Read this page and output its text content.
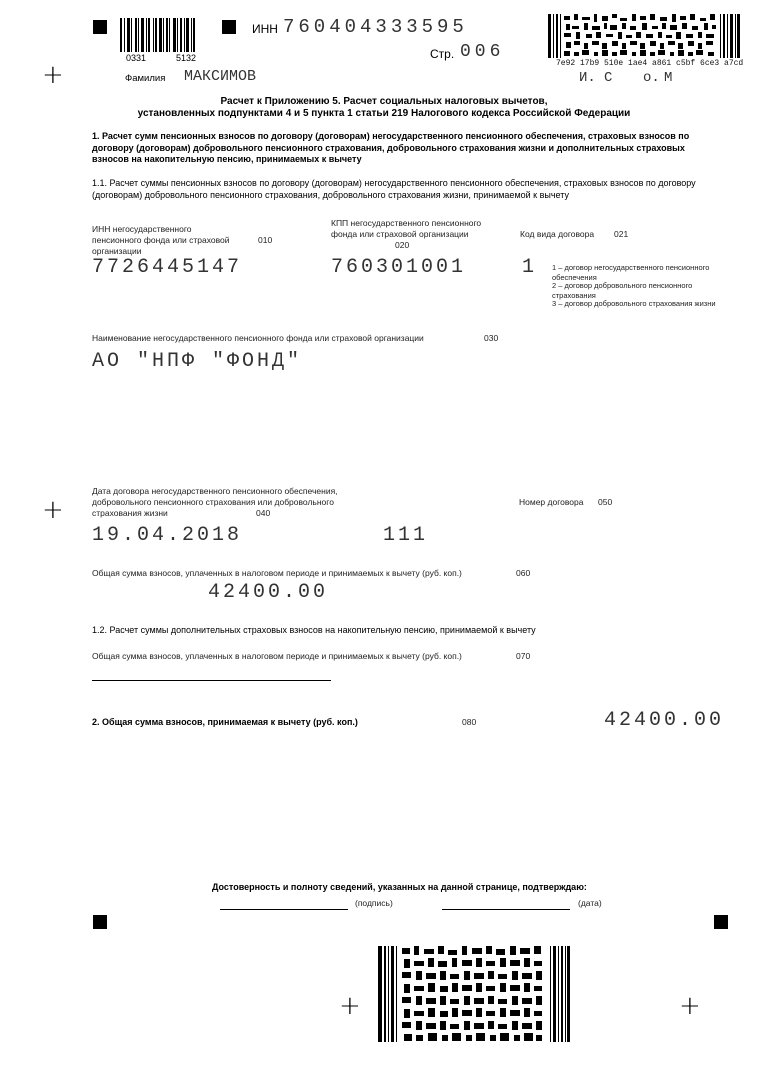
+
+
+	+
0331	5132
ИНН 760404333595
Стр. 006
7e92 17b9 510e 1ae4 a861 c5bf 6ce3 a7cd
И. С о. М
Фамилия МАКСИМОВ
Расчет к Приложению 5. Расчет социальных налоговых вычетов,
установленных подпунктами 4 и 5 пункта 1 статьи 219 Налогового кодекса Российской Федерации
1. Расчет сумм пенсионных взносов по договору (договорам) негосударственного пенсионного обеспечения, страховых взносов по договору (договорам) добровольного пенсионного страхования, добровольного страхования жизни и дополнительных страховых взносов на накопительную пенсию, принимаемых к вычету
1.1. Расчет суммы пенсионных взносов по договору (договорам) негосударственного пенсионного обеспечения, страховых взносов по договору (договорам) добровольного пенсионного страхования, добровольного страхования жизни, принимаемой к вычету
ИНН негосударственного пенсионного фонда или страховой организации
010
7726445147
КПП негосударственного пенсионного фонда или страховой организации
020
760301001
Код вида договора 021
1 1 – договор негосударственного пенсионного обеспечения
2 – договор добровольного пенсионного страхования
3 – договор добровольного страхования жизни
Наименование негосударственного пенсионного фонда или страховой организации	030
АО "НПФ "ФОНД"
Дата договора негосударственного пенсионного обеспечения, добровольного пенсионного страхования или добровольного страхования жизни	040
19.04.2018
Номер договора 050
111
Общая сумма взносов, уплаченных в налоговом периоде и принимаемых к вычету (руб. коп.)	060
42400.00
1.2. Расчет суммы дополнительных страховых взносов на накопительную пенсию, принимаемой к вычету
Общая сумма взносов, уплаченных в налоговом периоде и принимаемых к вычету (руб. коп.)	070
2. Общая сумма взносов, принимаемая к вычету (руб. коп.)	080	42400.00
Достоверность и полноту сведений, указанных на данной странице, подтверждаю:
(подпись)	(дата)
